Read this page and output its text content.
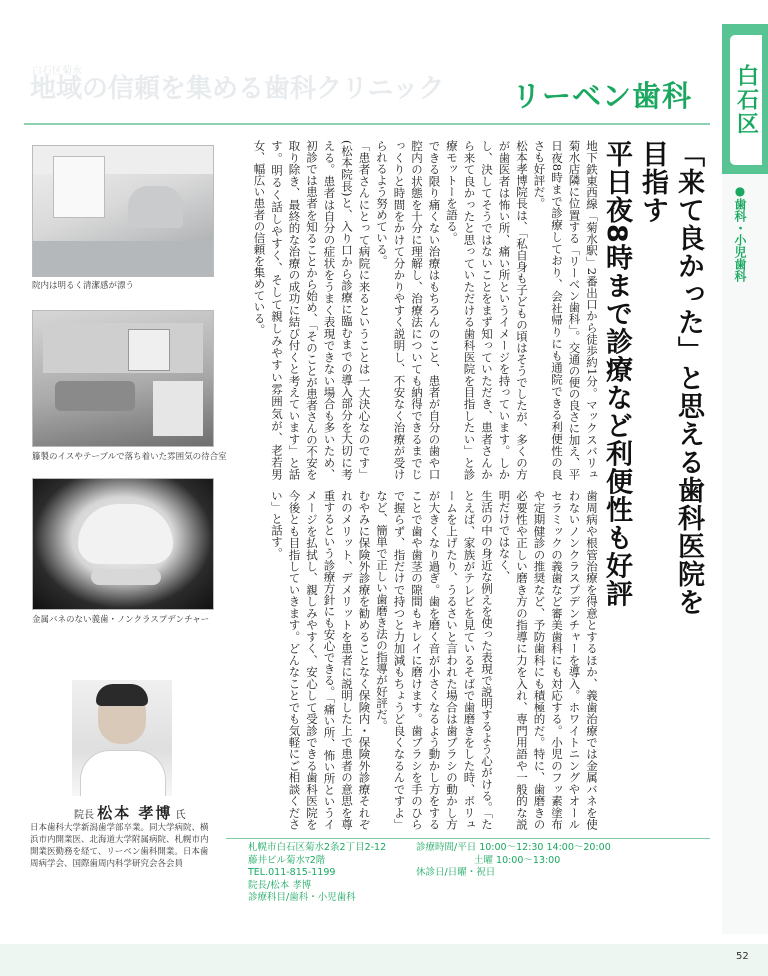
白石区菊水
地域の信頼を集める歯科クリニック	リーベン歯科 白石区
●歯科・小児歯科
「来て良かった」と思える歯科医院を目指す
平日夜8時まで診療など利便性も好評

地下鉄東西線「菊水駅」2番出口から徒歩約1分。マックスバリュ菊水店隣に位置する「リーベン歯科」。交通の便の良さに加え、平日夜8時まで診療しており、会社帰りにも通院できる利便性の良さも好評だ。

松本孝博院長は、「私自身も子どもの頃はそうでしたが、多くの方が歯医者は怖い所、痛い所というイメージを持っています。しかし、決してそうではないことをまず知っていただき、患者さんから来て良かったと思っていただける歯科医院を目指したい」と診療モットーを語る。

できる限り痛くない治療はもちろんのこと、患者が自分の歯や口腔内の状態を十分に理解し、治療法についても納得できるまでじっくりと時間をかけて分かりやすく説明し、不安なく治療が受けられるよう努めている。

「患者さんにとって病院に来るということは一大決心なのです」(松本院長)と、入り口から診療に臨むまでの導入部分を大切に考える。患者は自分の症状をうまく表現できない場合も多いため、初診では患者を知ることから始め、「そのことが患者さんの不安を取り除き、最終的な治療の成功に結び付くと考えています」と話す。明るく話しやすく、そして親しみやすい雰囲気が、老若男女、幅広い患者の信頼を集めている。

歯周病や根管治療を得意とするほか、義歯治療では金属バネを使わないノンクラスプデンチャーを導入。ホワイトニングやオールセラミックの義歯など審美歯科にも対応する。小児のフッ素塗布や定期健診の推奨など、予防歯科にも積極的だ。特に、歯磨きの必要性や正しい磨き方の指導に力を入れ、専門用語や一般的な説明だけではなく、

生活の中の身近な例えを使った表現で説明するよう心がける。「たとえば、家族がテレビを見ているそばで歯磨きをした時、ボリュームを上げたり、うるさいと言われた場合は歯ブラシの動かし方が大きくなり過ぎ。歯を磨く音が小さくなるよう動かし方をすることで歯や歯茎の隙間もキレイに磨けます。歯ブラシを手のひらで握らず、指だけで持つと力加減もちょうど良くなるんですよ」など、簡単で正しい歯磨き法の指導が好評だ。

むやみに保険外診療を勧めることなく保険内・保険外診療それぞれのメリット、デメリットを患者に説明した上で患者の意思を尊重するという診療方針にも安心できる。「痛い所、怖い所というイメージを払拭し、親しみやすく、安心して受診できる歯科医院を今後とも目指していきます。どんなことでも気軽にご相談ください」と話す。

院内は明るく清潔感が漂う
籐製のイスやテーブルで落ち着いた雰囲気の待合室
金属バネのない義歯・ノンクラスプデンチャー
院長 松本 孝博 氏
日本歯科大学新潟歯学部卒業。同大学病院、横浜市内開業医、北海道大学附属病院、札幌市内開業医勤務を経て、リーベン歯科開業。日本歯周病学会、国際歯周内科学研究会各会員
札幌市白石区菊水2条2丁目2-12
藤井ビル菊水ﾏ2階
TEL.011-815-1199
院長/松本 孝博
診療科目/歯科・小児歯科
診療時間/平日 10:00〜12:30 14:00〜20:00
土曜 10:00〜13:00
休診日/日曜・祝日
52
